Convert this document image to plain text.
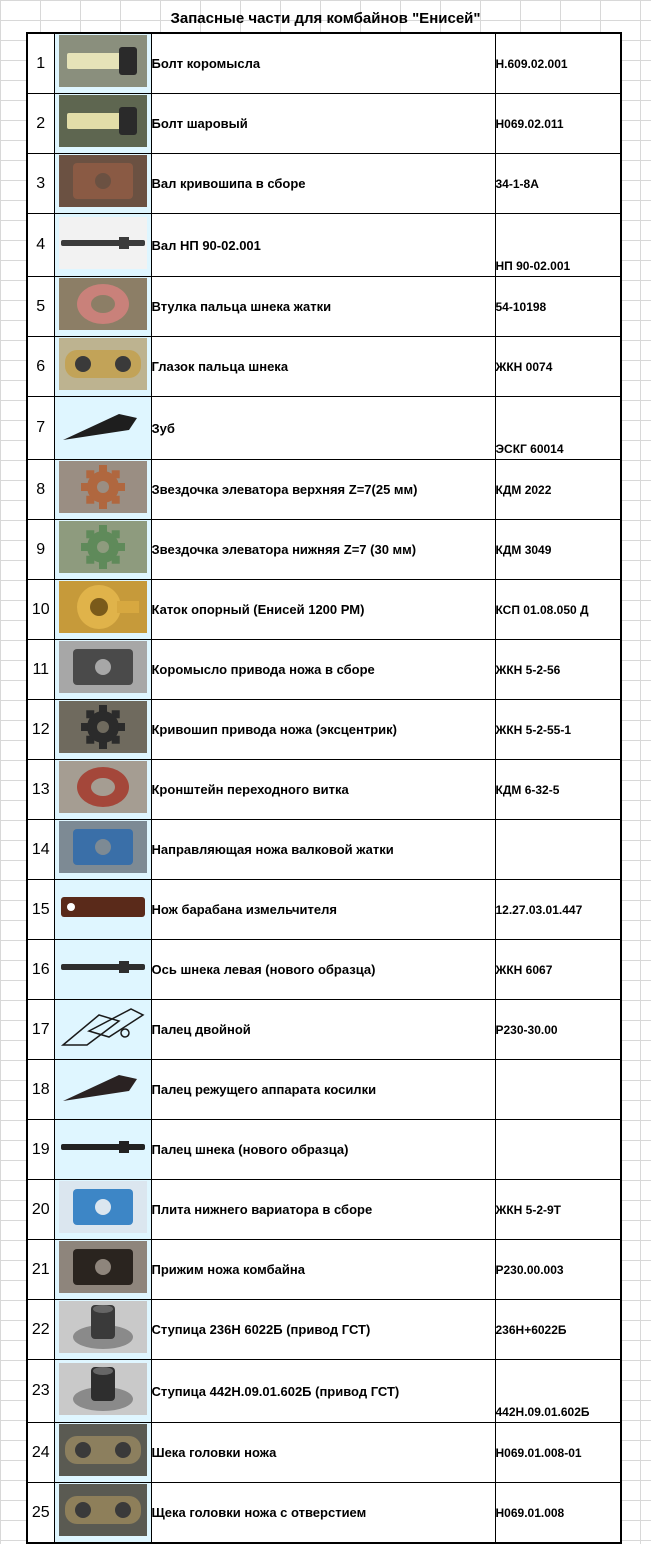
Запасные части для комбайнов "Енисей"
1		Болт коромысла	Н.609.02.001
2		Болт шаровый	Н069.02.011
3		Вал кривошипа в сборе	34-1-8А
4		Вал НП 90-02.001	НП 90-02.001
5		Втулка пальца шнека жатки	54-10198
6		Глазок пальца шнека	ЖКН 0074
7		Зуб	ЭСКГ 60014
8		Звездочка элеватора верхняя Z=7(25 мм)	КДМ 2022
9		Звездочка элеватора нижняя Z=7 (30 мм)	КДМ 3049
10		Каток опорный (Енисей 1200 РМ)	КСП 01.08.050 Д
11		Коромысло привода ножа в сборе	ЖКН 5-2-56
12		Кривошип привода ножа (эксцентрик)	ЖКН 5-2-55-1
13		Кронштейн переходного витка	КДМ 6-32-5
14		Направляющая ножа валковой жатки	
15		Нож барабана измельчителя	12.27.03.01.447
16		Ось шнека левая (нового образца)	ЖКН 6067
17		Палец двойной	Р230-30.00
18		Палец режущего аппарата косилки	
19		Палец шнека (нового образца)	
20		Плита нижнего вариатора в сборе	ЖКН 5-2-9Т
21		Прижим ножа комбайна	Р230.00.003
22		Ступица 236Н 6022Б (привод ГСТ)	236Н+6022Б
23		Ступица 442Н.09.01.602Б (привод ГСТ)	442Н.09.01.602Б
24		Шека головки ножа	Н069.01.008-01
25		Щека головки ножа с отверстием	Н069.01.008
